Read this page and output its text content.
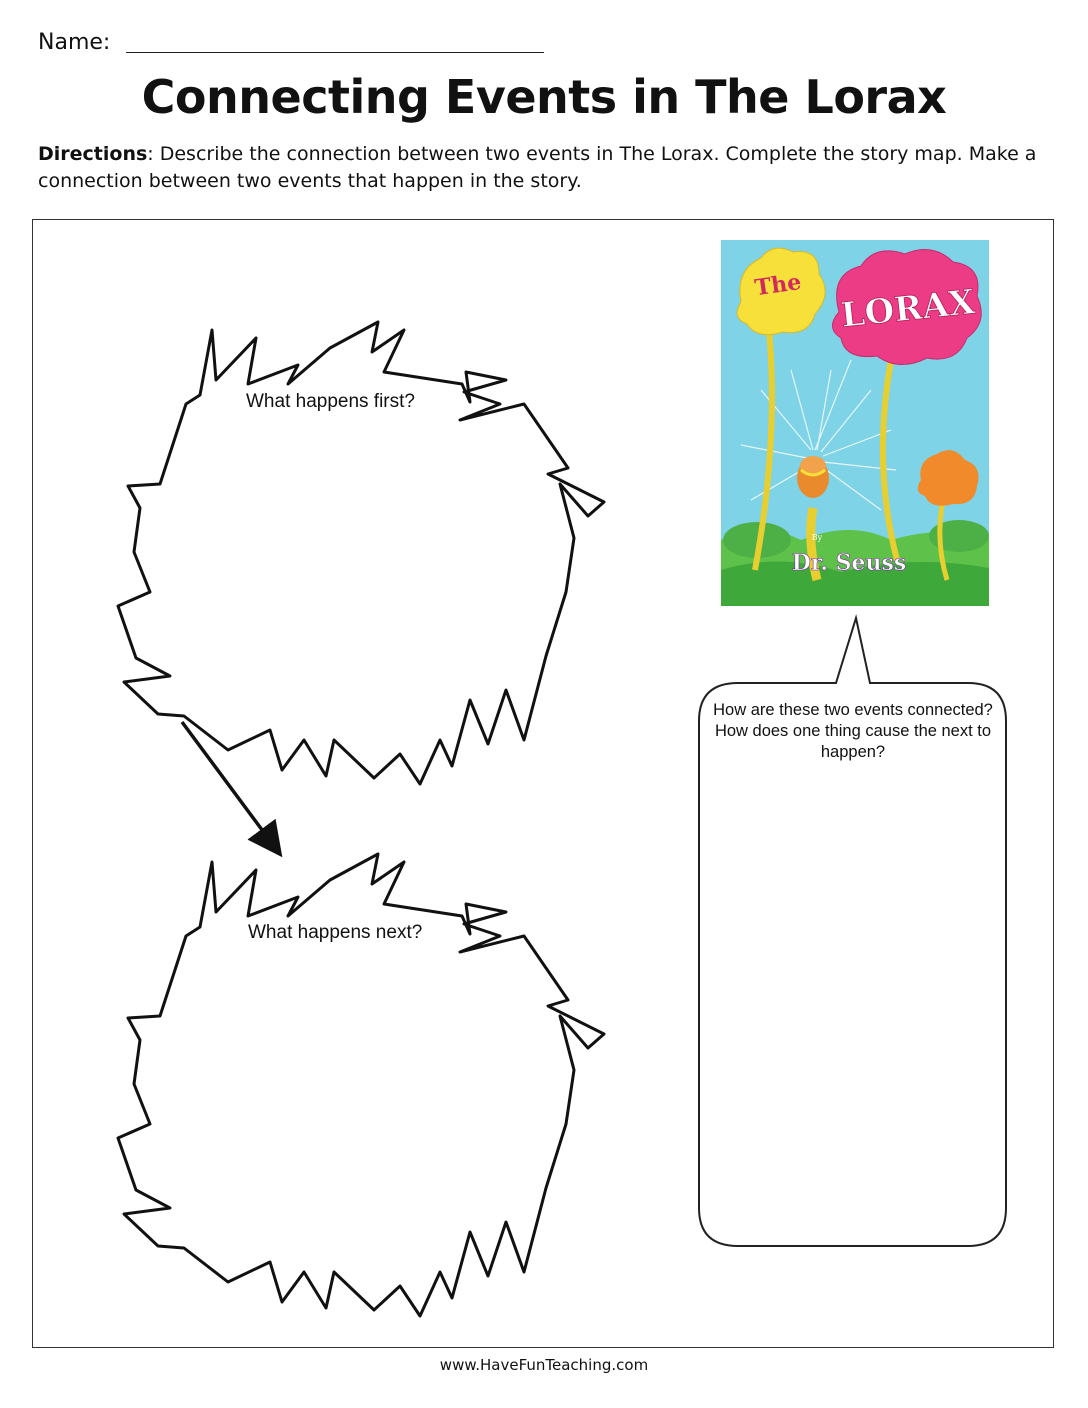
Name:
Connecting Events in The Lorax
Directions: Describe the connection between two events in The Lorax. Complete the story map. Make a connection between two events that happen in the story.
What happens first?
What happens next?
The LORAX
By
Dr. Seuss
How are these two events connected? How does one thing cause the next to happen?
www.HaveFunTeaching.com
